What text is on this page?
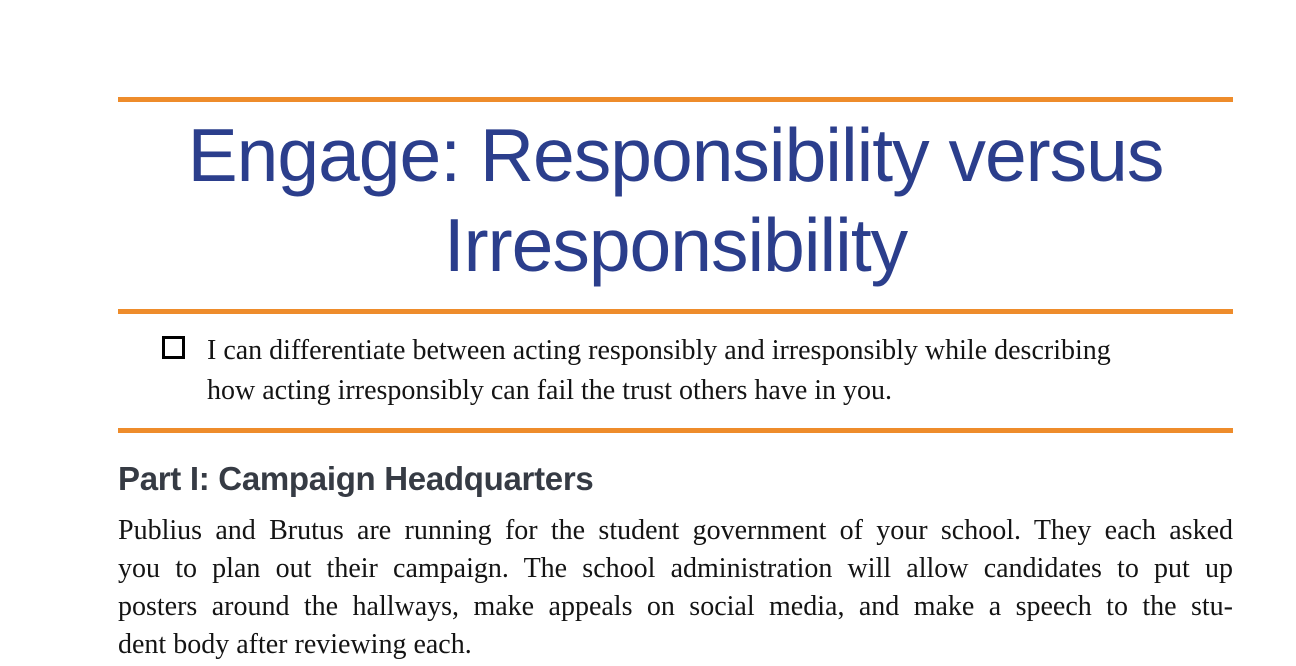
Engage: Responsibility versus
Irresponsibility
I can differentiate between acting responsibly and irresponsibly while describing
how acting irresponsibly can fail the trust others have in you.
Part I: Campaign Headquarters
Publius and Brutus are running for the student government of your school. They each asked
you to plan out their campaign. The school administration will allow candidates to put up
posters around the hallways, make appeals on social media, and make a speech to the stu-
dent body after reviewing each.
